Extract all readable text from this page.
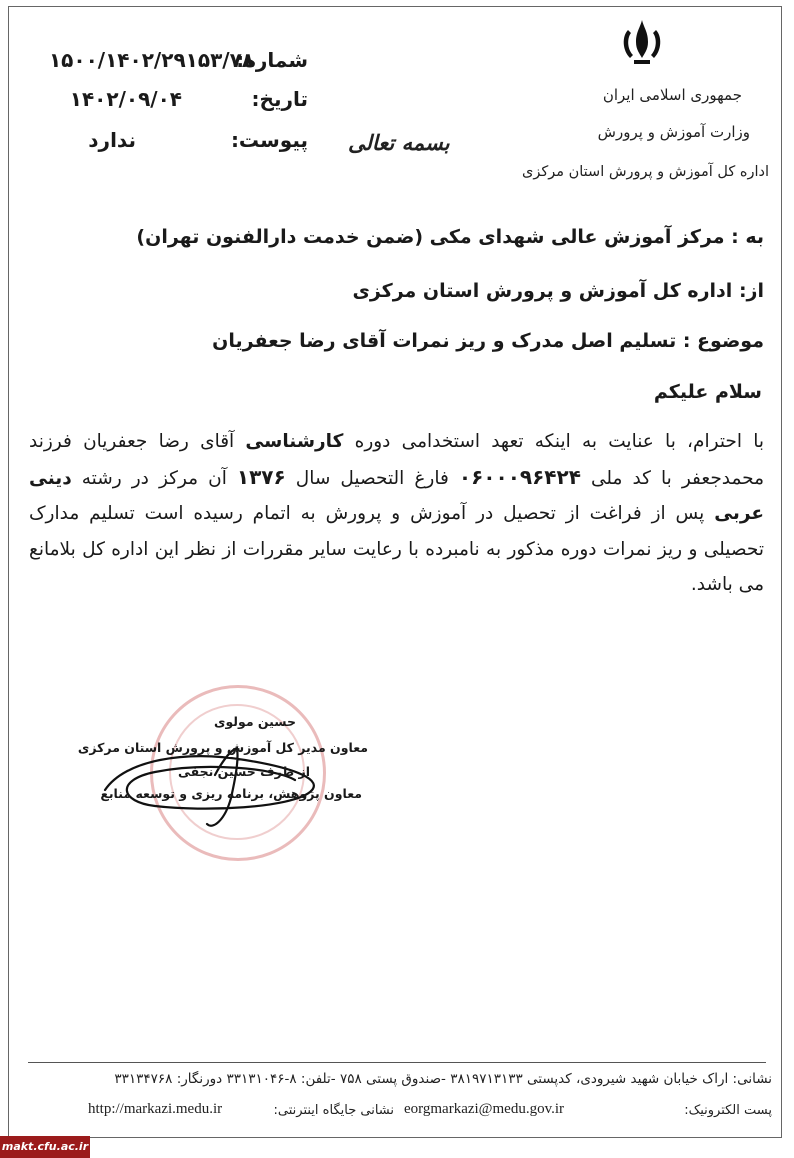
جمهوری اسلامی ایران
وزارت آموزش و پرورش
اداره کل آموزش و پرورش استان مرکزی
بسمه تعالی
شماره:
۱۵۰۰/۱۴۰۲/۲۹۱۵۳/۷۸
تاریخ:
۱۴۰۲/۰۹/۰۴
پیوست:
ندارد
به : مرکز آموزش عالی شهدای مکی (ضمن خدمت دارالفنون تهران)
از: اداره کل آموزش و پرورش استان مرکزی
موضوع : تسلیم اصل مدرک و ریز نمرات آقای رضا جعفریان
سلام علیکم
با احترام، با عنایت به اینکه تعهد استخدامی دوره کارشناسی آقای رضا جعفریان فرزند محمدجعفر با کد ملی ۰۶۰۰۰۹۶۴۲۴ فارغ التحصیل سال ۱۳۷۶ آن مرکز در رشته دینی عربی پس از فراغت از تحصیل در آموزش و پرورش به اتمام رسیده است تسلیم مدارک تحصیلی و ریز نمرات دوره مذکور به نامبرده با رعایت سایر مقررات از نظر این اداره کل بلامانع می باشد.
حسین مولوی
معاون مدیر کل آموزش و پرورش استان مرکزی
از طرف حسین نجفی
معاون پژوهش، برنامه ریزی و توسعه منابع
نشانی: اراک خیابان شهید شیرودی، کدپستی ۳۸۱۹۷۱۳۱۳۳ -صندوق پستی ۷۵۸ -تلفن: ۸-۳۳۱۳۱۰۴۶ دورنگار: ۳۳۱۳۴۷۶۸
پست الکترونیک:
eorgmarkazi@medu.gov.ir
نشانی جایگاه اینترنتی:
http://markazi.medu.ir
makt.cfu.ac.ir
